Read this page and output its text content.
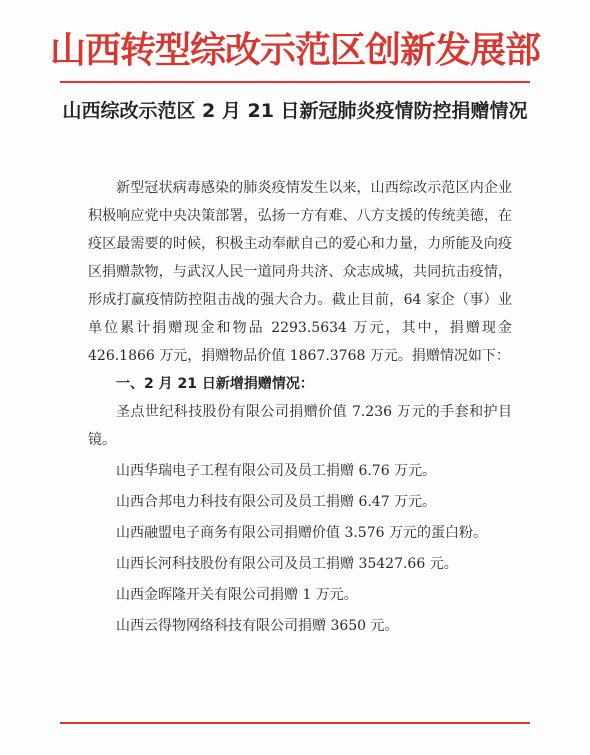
山西转型综改示范区创新发展部
山西综改示范区 2 月 21 日新冠肺炎疫情防控捐赠情况

新型冠状病毒感染的肺炎疫情发生以来，山西综改示范区内企业积极响应党中央决策部署，弘扬一方有难、八方支援的传统美德，在疫区最需要的时候，积极主动奉献自己的爱心和力量，力所能及向疫区捐赠款物，与武汉人民一道同舟共济、众志成城，共同抗击疫情，形成打赢疫情防控阻击战的强大合力。截止目前，64 家企（事）业单位累计捐赠现金和物品 2293.5634 万元，其中，捐赠现金 426.1866 万元，捐赠物品价值 1867.3768 万元。捐赠情况如下：

一、2 月 21 日新增捐赠情况：

圣点世纪科技股份有限公司捐赠价值 7.236 万元的手套和护目镜。
山西华瑞电子工程有限公司及员工捐赠 6.76 万元。
山西合邦电力科技有限公司及员工捐赠 6.47 万元。
山西融盟电子商务有限公司捐赠价值 3.576 万元的蛋白粉。
山西长河科技股份有限公司及员工捐赠 35427.66 元。
山西金晖隆开关有限公司捐赠 1 万元。
山西云得物网络科技有限公司捐赠 3650 元。
